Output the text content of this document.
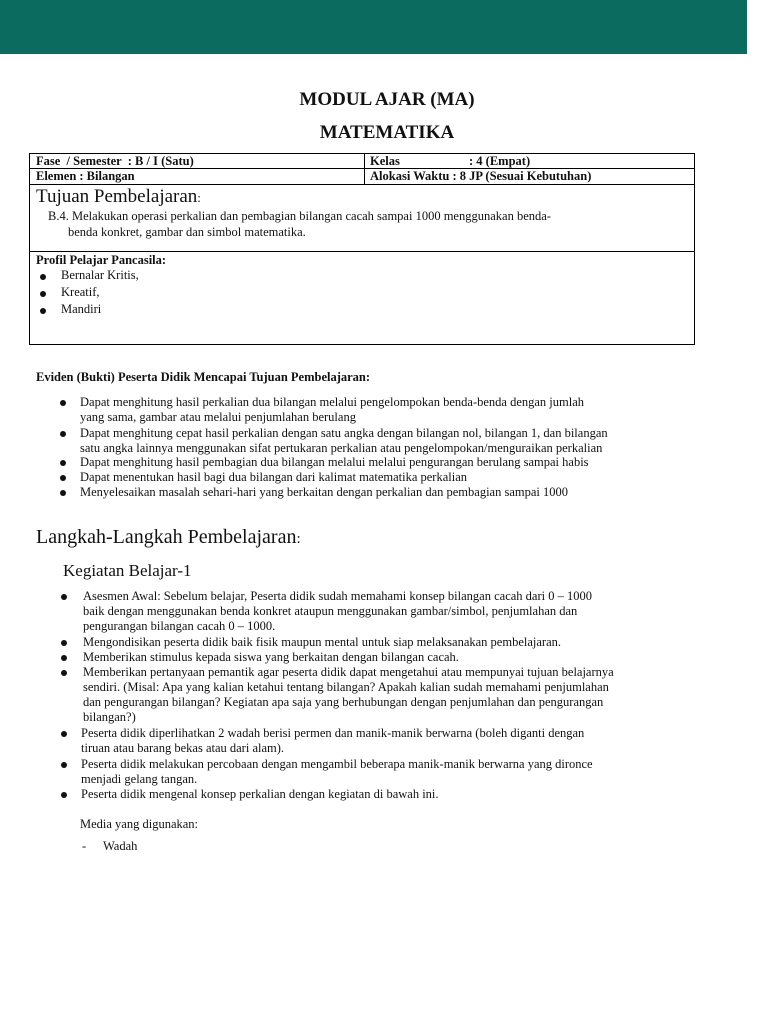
MODUL AJAR (MA)
MATEMATIKA
Fase  / Semester  : B / I (Satu)	Kelas	: 4 (Empat)
Elemen : Bilangan	Alokasi Waktu : 8 JP (Sesuai Kebutuhan)
Tujuan Pembelajaran:
B.4. Melakukan operasi perkalian dan pembagian bilangan cacah sampai 1000 menggunakan benda-
benda konkret, gambar dan simbol matematika.
Profil Pelajar Pancasila:
Bernalar Kritis,
Kreatif,
Mandiri
Eviden (Bukti) Peserta Didik Mencapai Tujuan Pembelajaran:
Dapat menghitung hasil perkalian dua bilangan melalui pengelompokan benda-benda dengan jumlah
yang sama, gambar atau melalui penjumlahan berulang
Dapat menghitung cepat hasil perkalian dengan satu angka dengan bilangan nol, bilangan 1, dan bilangan
satu angka lainnya menggunakan sifat pertukaran perkalian atau pengelompokan/menguraikan perkalian
Dapat menghitung hasil pembagian dua bilangan melalui melalui pengurangan berulang sampai habis
Dapat menentukan hasil bagi dua bilangan dari kalimat matematika perkalian
Menyelesaikan masalah sehari-hari yang berkaitan dengan perkalian dan pembagian sampai 1000
Langkah-Langkah Pembelajaran:
Kegiatan Belajar-1
Asesmen Awal: Sebelum belajar, Peserta didik sudah memahami konsep bilangan cacah dari 0 – 1000
baik dengan menggunakan benda konkret ataupun menggunakan gambar/simbol, penjumlahan dan
pengurangan bilangan cacah 0 – 1000.
Mengondisikan peserta didik baik fisik maupun mental untuk siap melaksanakan pembelajaran.
Memberikan stimulus kepada siswa yang berkaitan dengan bilangan cacah.
Memberikan pertanyaan pemantik agar peserta didik dapat mengetahui atau mempunyai tujuan belajarnya
sendiri. (Misal: Apa yang kalian ketahui tentang bilangan? Apakah kalian sudah memahami penjumlahan
dan pengurangan bilangan? Kegiatan apa saja yang berhubungan dengan penjumlahan dan pengurangan
bilangan?)
Peserta didik diperlihatkan 2 wadah berisi permen dan manik-manik berwarna (boleh diganti dengan
tiruan atau barang bekas atau dari alam).
Peserta didik melakukan percobaan dengan mengambil beberapa manik-manik berwarna yang dironce
menjadi gelang tangan.
Peserta didik mengenal konsep perkalian dengan kegiatan di bawah ini.
Media yang digunakan:
- Wadah
